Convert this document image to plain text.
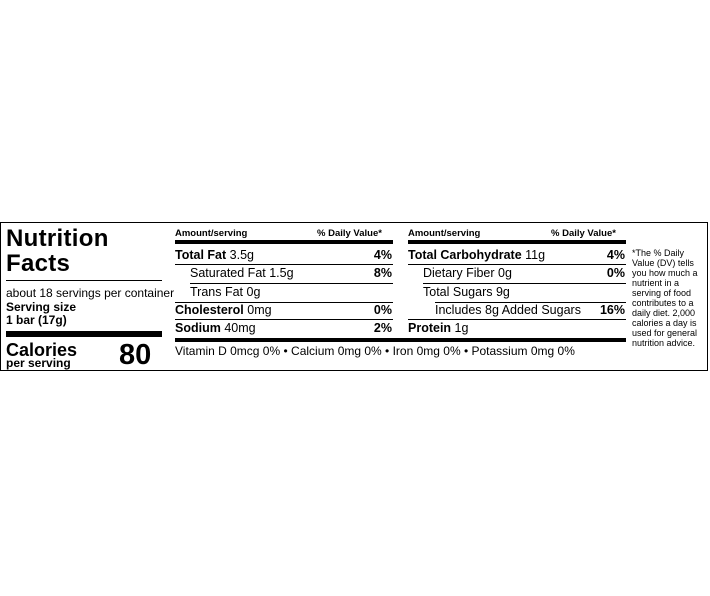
Nutrition
Facts
about 18 servings per container
Serving size
1 bar (17g)
Calories
per serving 80
Amount/serving	% Daily Value*
Total Fat 3.5g	4%
Saturated Fat 1.5g	8%
Trans Fat 0g
Cholesterol 0mg	0%
Sodium 40mg	2%
Amount/serving	% Daily Value*
Total Carbohydrate 11g	4%
Dietary Fiber 0g	0%
Total Sugars 9g
Includes 8g Added Sugars	16%
Protein 1g
Vitamin D 0mcg 0% • Calcium 0mg 0% • Iron 0mg 0% • Potassium 0mg 0%
*The % Daily Value (DV) tells you how much a nutrient in a serving of food contributes to a daily diet. 2,000 calories a day is used for general nutrition advice.
